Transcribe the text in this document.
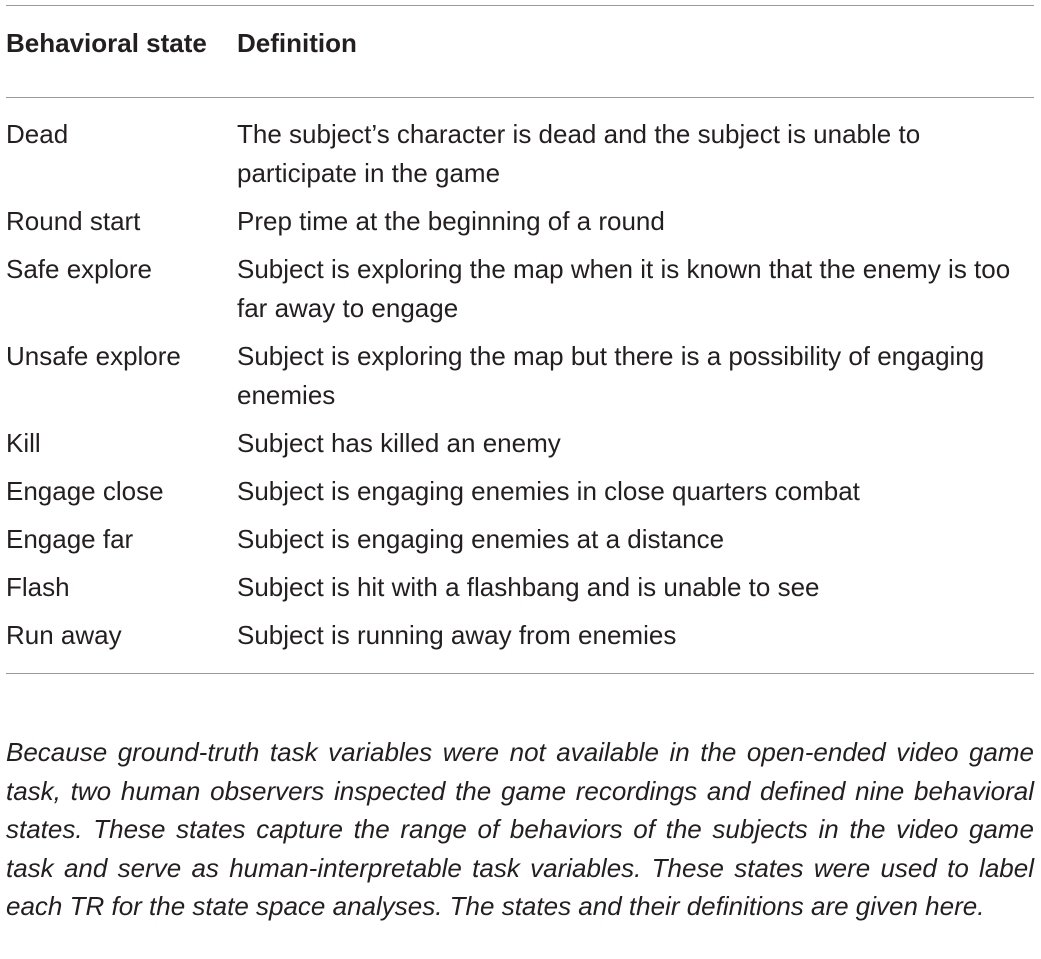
Behavioral state	Definition
Dead	The subject’s character is dead and the subject is unable to participate in the game
Round start	Prep time at the beginning of a round
Safe explore	Subject is exploring the map when it is known that the enemy is too far away to engage
Unsafe explore	Subject is exploring the map but there is a possibility of engaging enemies
Kill	Subject has killed an enemy
Engage close	Subject is engaging enemies in close quarters combat
Engage far	Subject is engaging enemies at a distance
Flash	Subject is hit with a flashbang and is unable to see
Run away	Subject is running away from enemies

Because ground-truth task variables were not available in the open-ended video game task, two human observers inspected the game recordings and defined nine behavioral states. These states capture the range of behaviors of the subjects in the video game task and serve as human-interpretable task variables. These states were used to label each TR for the state space analyses. The states and their definitions are given here.
